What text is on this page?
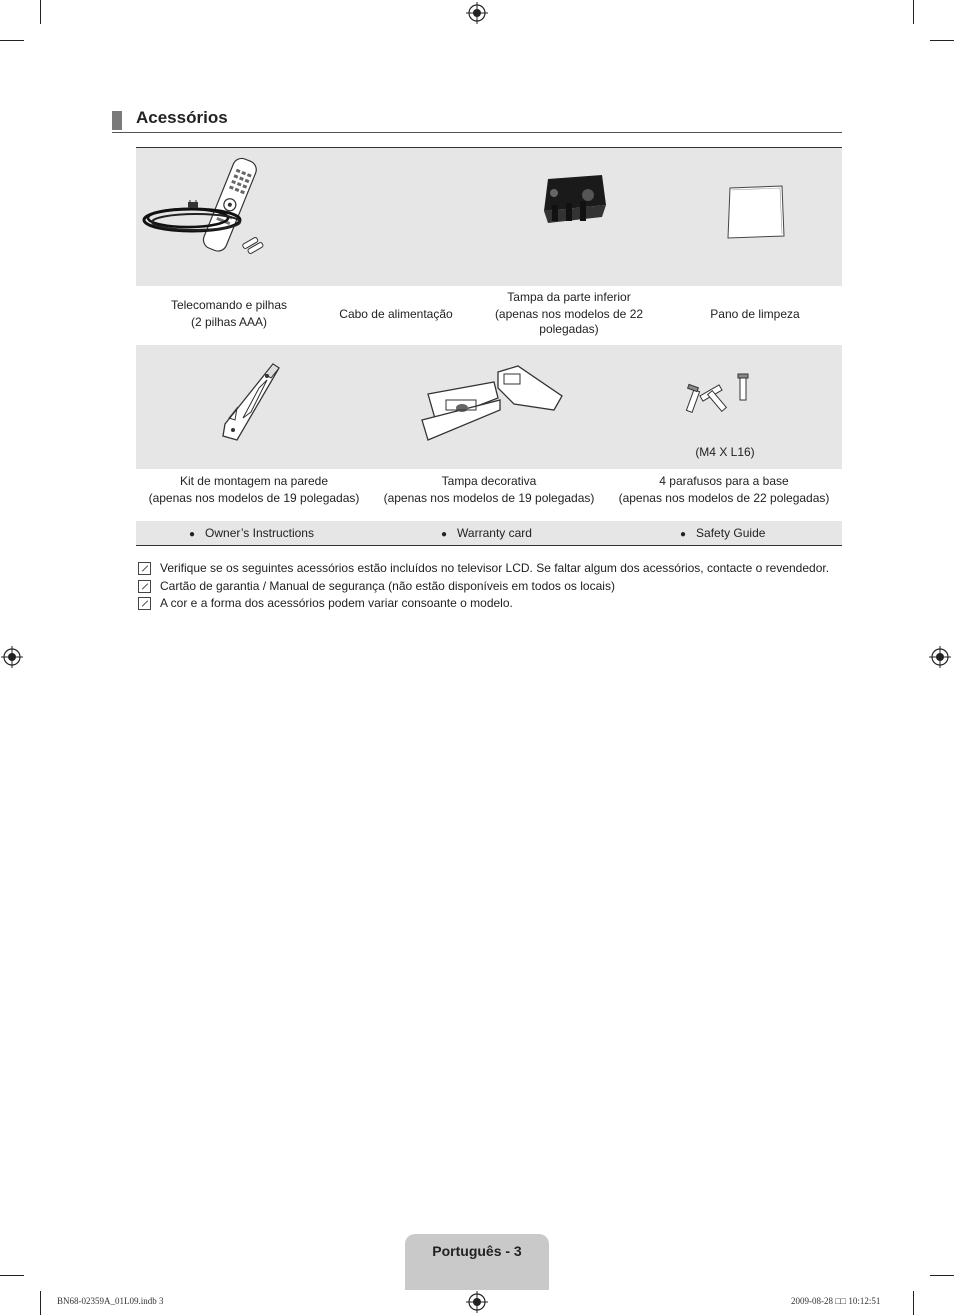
Acessórios
Telecomando e pilhas
(2 pilhas AAA)
Cabo de alimentação
Tampa da parte inferior
(apenas nos modelos de 22
polegadas)
Pano de limpeza
(M4 X L16)
Kit de montagem na parede
(apenas nos modelos de 19 polegadas)
Tampa decorativa
(apenas nos modelos de 19 polegadas)
4 parafusos para a base
(apenas nos modelos de 22 polegadas)
● Owner’s Instructions	● Warranty card	● Safety Guide
Verifique se os seguintes acessórios estão incluídos no televisor LCD. Se faltar algum dos acessórios, contacte o revendedor.
Cartão de garantia / Manual de segurança (não estão disponíveis em todos os locais)
A cor e a forma dos acessórios podem variar consoante o modelo.
Português - 3
BN68-02359A_01L09.indb 3	2009-08-28 □□ 10:12:51
